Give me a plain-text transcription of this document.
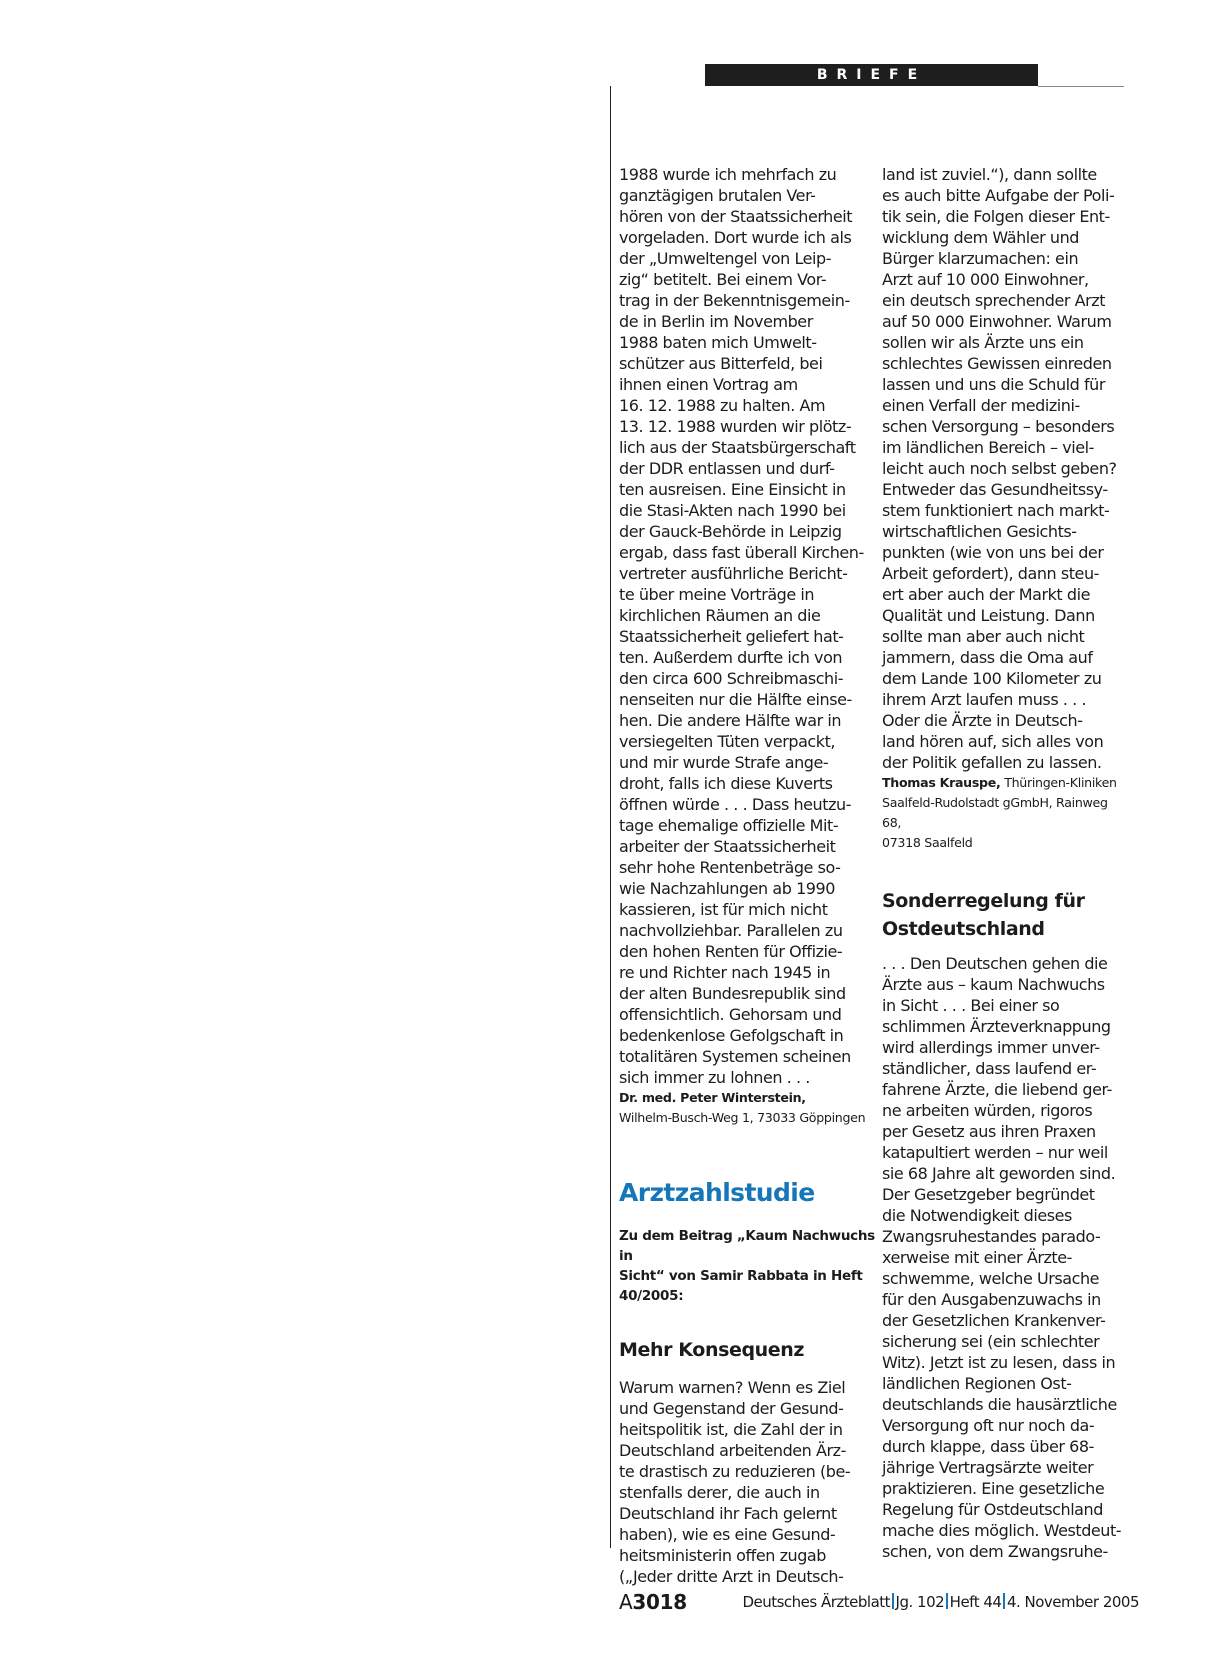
BRIEFE

1988 wurde ich mehrfach zu
ganztägigen brutalen Ver-
hören von der Staatssicherheit
vorgeladen. Dort wurde ich als
der „Umweltengel von Leip-
zig“ betitelt. Bei einem Vor-
trag in der Bekenntnisgemein-
de in Berlin im November
1988 baten mich Umwelt-
schützer aus Bitterfeld, bei
ihnen einen Vortrag am
16. 12. 1988 zu halten. Am
13. 12. 1988 wurden wir plötz-
lich aus der Staatsbürgerschaft
der DDR entlassen und durf-
ten ausreisen. Eine Einsicht in
die Stasi-Akten nach 1990 bei
der Gauck-Behörde in Leipzig
ergab, dass fast überall Kirchen-
vertreter ausführliche Bericht-
te über meine Vorträge in
kirchlichen Räumen an die
Staatssicherheit geliefert hat-
ten. Außerdem durfte ich von
den circa 600 Schreibmaschi-
nenseiten nur die Hälfte einse-
hen. Die andere Hälfte war in
versiegelten Tüten verpackt,
und mir wurde Strafe ange-
droht, falls ich diese Kuverts
öffnen würde . . . Dass heutzu-
tage ehemalige offizielle Mit-
arbeiter der Staatssicherheit
sehr hohe Rentenbeträge so-
wie Nachzahlungen ab 1990
kassieren, ist für mich nicht
nachvollziehbar. Parallelen zu
den hohen Renten für Offizie-
re und Richter nach 1945 in
der alten Bundesrepublik sind
offensichtlich. Gehorsam und
bedenkenlose Gefolgschaft in
totalitären Systemen scheinen
sich immer zu lohnen . . .

Dr. med. Peter Winterstein,
Wilhelm-Busch-Weg 1, 73033 Göppingen

Arztzahlstudie
Zu dem Beitrag „Kaum Nachwuchs in
Sicht“ von Samir Rabbata in Heft
40/2005:
Mehr Konsequenz

Warum warnen? Wenn es Ziel
und Gegenstand der Gesund-
heitspolitik ist, die Zahl der in
Deutschland arbeitenden Ärz-
te drastisch zu reduzieren (be-
stenfalls derer, die auch in
Deutschland ihr Fach gelernt
haben), wie es eine Gesund-
heitsministerin offen zugab
(„Jeder dritte Arzt in Deutsch-

land ist zuviel.“), dann sollte
es auch bitte Aufgabe der Poli-
tik sein, die Folgen dieser Ent-
wicklung dem Wähler und
Bürger klarzumachen: ein
Arzt auf 10 000 Einwohner,
ein deutsch sprechender Arzt
auf 50 000 Einwohner. Warum
sollen wir als Ärzte uns ein
schlechtes Gewissen einreden
lassen und uns die Schuld für
einen Verfall der medizini-
schen Versorgung – besonders
im ländlichen Bereich – viel-
leicht auch noch selbst geben?
Entweder das Gesundheitssy-
stem funktioniert nach markt-
wirtschaftlichen Gesichts-
punkten (wie von uns bei der
Arbeit gefordert), dann steu-
ert aber auch der Markt die
Qualität und Leistung. Dann
sollte man aber auch nicht
jammern, dass die Oma auf
dem Lande 100 Kilometer zu
ihrem Arzt laufen muss . . .
Oder die Ärzte in Deutsch-
land hören auf, sich alles von
der Politik gefallen zu lassen.

Thomas Krauspe, Thüringen-Kliniken
Saalfeld-Rudolstadt gGmbH, Rainweg 68,
07318 Saalfeld

Sonderregelung für
Ostdeutschland

. . . Den Deutschen gehen die
Ärzte aus – kaum Nachwuchs
in Sicht . . . Bei einer so
schlimmen Ärzteverknappung
wird allerdings immer unver-
ständlicher, dass laufend er-
fahrene Ärzte, die liebend ger-
ne arbeiten würden, rigoros
per Gesetz aus ihren Praxen
katapultiert werden – nur weil
sie 68 Jahre alt geworden sind.
Der Gesetzgeber begründet
die Notwendigkeit dieses
Zwangsruhestandes parado-
xerweise mit einer Ärzte-
schwemme, welche Ursache
für den Ausgabenzuwachs in
der Gesetzlichen Krankenver-
sicherung sei (ein schlechter
Witz). Jetzt ist zu lesen, dass in
ländlichen Regionen Ost-
deutschlands die hausärztliche
Versorgung oft nur noch da-
durch klappe, dass über 68-
jährige Vertragsärzte weiter
praktizieren. Eine gesetzliche
Regelung für Ostdeutschland
mache dies möglich. Westdeut-
schen, von dem Zwangsruhe-

A3018	Deutsches Ärzteblatt Jg. 102 Heft 44 4. November 2005
